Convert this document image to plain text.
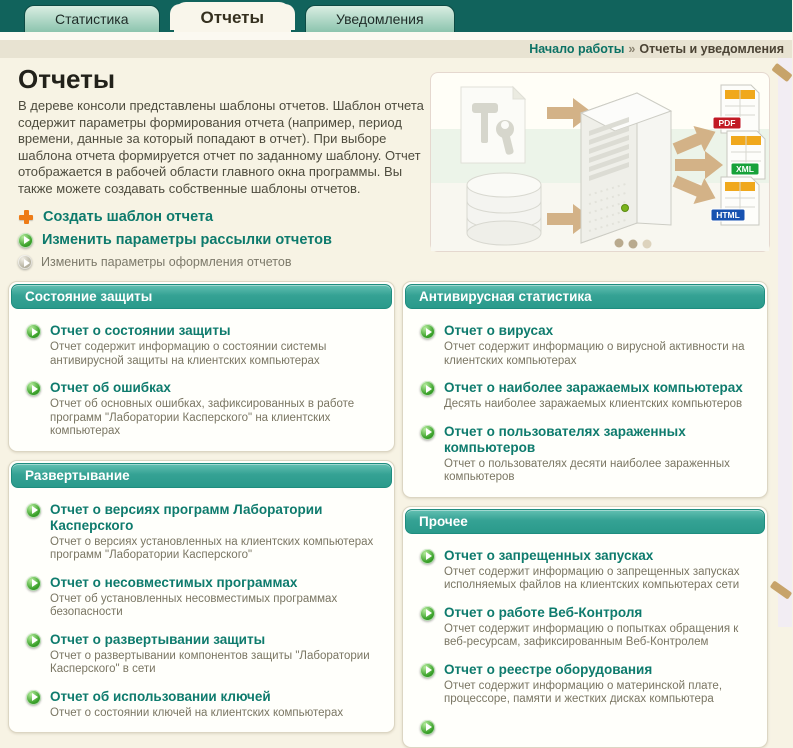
Статистика	Отчеты	Уведомления
Начало работы » Отчеты и уведомления
Отчеты
В дереве консоли представлены шаблоны отчетов. Шаблон отчета содержит параметры формирования отчета (например, период времени, данные за который попадают в отчет). При выборе шаблона отчета формируется отчет по заданному шаблону. Отчет отображается в рабочей области главного окна программы. Вы также можете создавать собственные шаблоны отчетов.
Создать шаблон отчета
Изменить параметры рассылки отчетов
Изменить параметры оформления отчетов
PDF
XML
HTML
Состояние защиты
Отчет о состоянии защиты
Отчет содержит информацию о состоянии системы антивирусной защиты на клиентских компьютерах
Отчет об ошибках
Отчет об основных ошибках, зафиксированных в работе программ "Лаборатории Касперского" на клиентских компьютерах
Развертывание
Отчет о версиях программ Лаборатории Касперского
Отчет о версиях установленных на клиентских компьютерах программ "Лаборатории Касперского"
Отчет о несовместимых программах
Отчет об установленных несовместимых программах безопасности
Отчет о развертывании защиты
Отчет о развертывании компонентов защиты "Лаборатории Касперского" в сети
Отчет об использовании ключей
Отчет о состоянии ключей на клиентских компьютерах
Антивирусная статистика
Отчет о вирусах
Отчет содержит информацию о вирусной активности на клиентских компьютерах
Отчет о наиболее заражаемых компьютерах
Десять наиболее заражаемых клиентских компьютеров
Отчет о пользователях зараженных компьютеров
Отчет о пользователях десяти наиболее зараженных компьютеров
Прочее
Отчет о запрещенных запусках
Отчет содержит информацию о запрещенных запусках исполняемых файлов на клиентских компьютерах сети
Отчет о работе Веб-Контроля
Отчет содержит информацию о попытках обращения к веб-ресурсам, зафиксированным Веб-Контролем
Отчет о реестре оборудования
Отчет содержит информацию о материнской плате, процессоре, памяти и жестких дисках компьютера
